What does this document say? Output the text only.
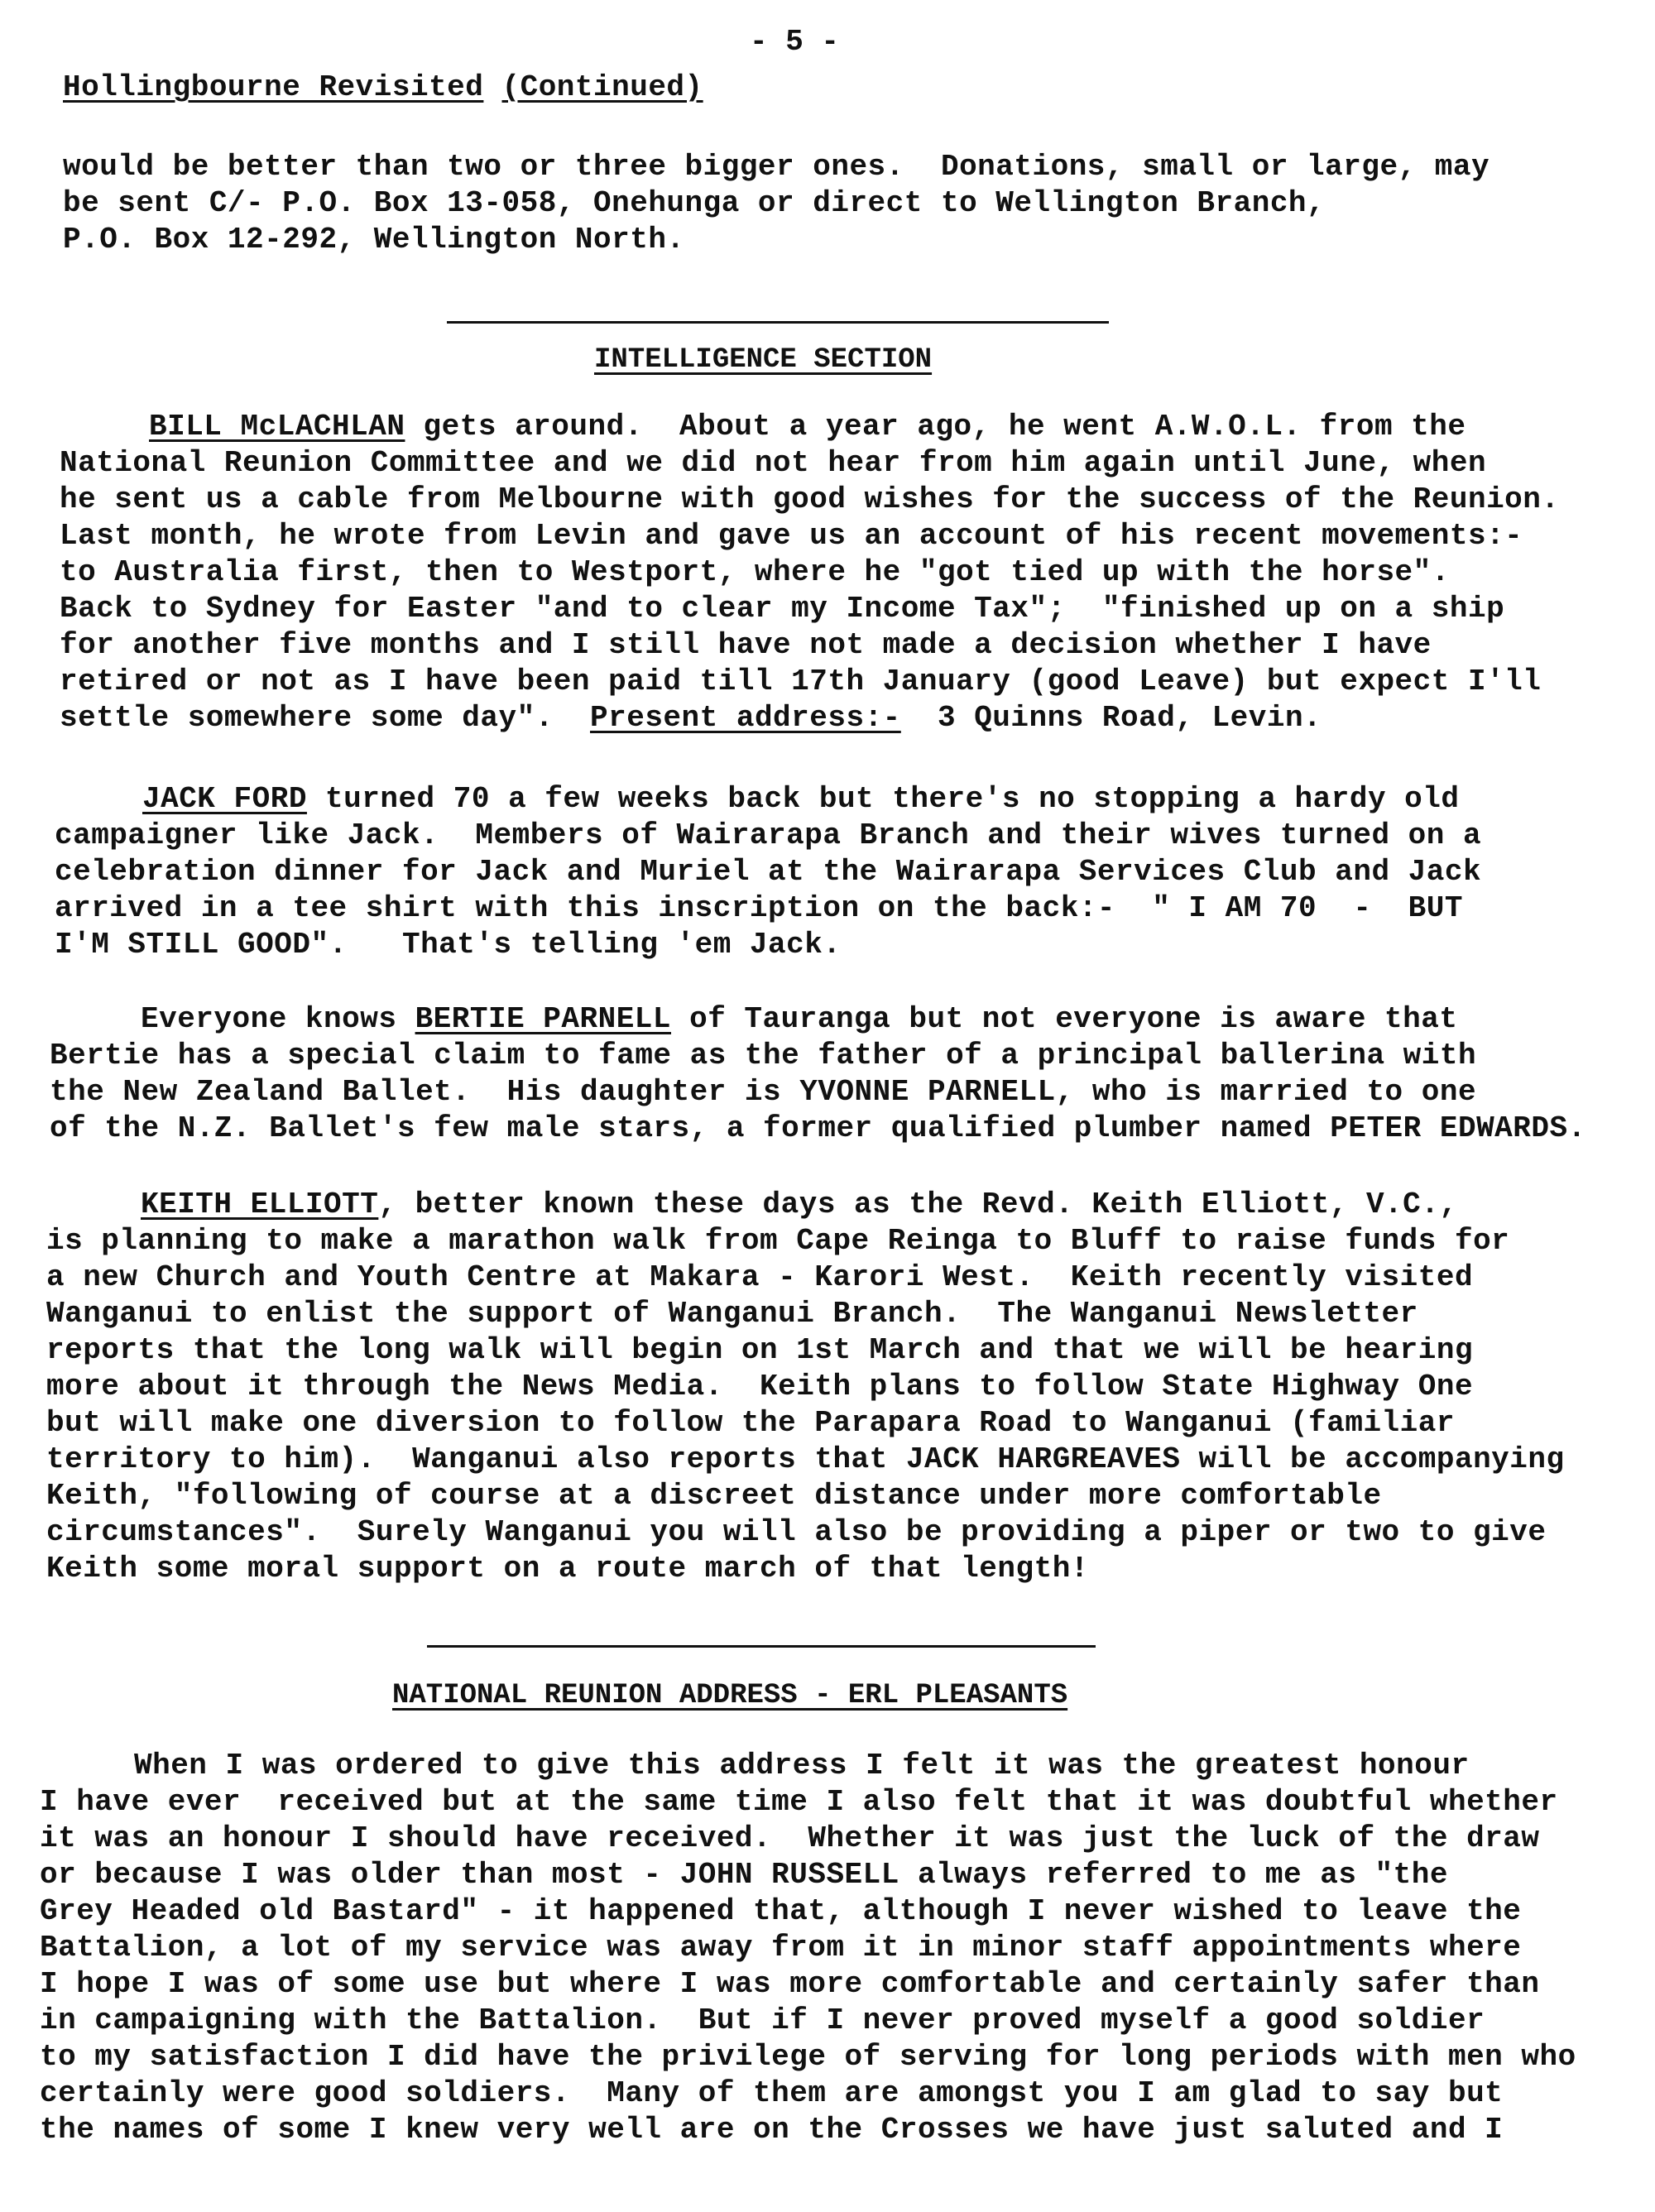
- 5 -
Hollingbourne Revisited (Continued)
would be better than two or three bigger ones.  Donations, small or large, may
be sent C/- P.O. Box 13-058, Onehunga or direct to Wellington Branch,
P.O. Box 12-292, Wellington North.
INTELLIGENCE SECTION
BILL McLACHLAN gets around.  About a year ago, he went A.W.O.L. from the
National Reunion Committee and we did not hear from him again until June, when
he sent us a cable from Melbourne with good wishes for the success of the Reunion.
Last month, he wrote from Levin and gave us an account of his recent movements:-
to Australia first, then to Westport, where he "got tied up with the horse".
Back to Sydney for Easter "and to clear my Income Tax";  "finished up on a ship
for another five months and I still have not made a decision whether I have
retired or not as I have been paid till 17th January (good Leave) but expect I'll
settle somewhere some day".  Present address:-  3 Quinns Road, Levin.
JACK FORD turned 70 a few weeks back but there's no stopping a hardy old
campaigner like Jack.  Members of Wairarapa Branch and their wives turned on a
celebration dinner for Jack and Muriel at the Wairarapa Services Club and Jack
arrived in a tee shirt with this inscription on the back:-  " I AM 70  -  BUT
I'M STILL GOOD".   That's telling 'em Jack.
Everyone knows BERTIE PARNELL of Tauranga but not everyone is aware that
Bertie has a special claim to fame as the father of a principal ballerina with
the New Zealand Ballet.  His daughter is YVONNE PARNELL, who is married to one
of the N.Z. Ballet's few male stars, a former qualified plumber named PETER EDWARDS.
KEITH ELLIOTT, better known these days as the Revd. Keith Elliott, V.C.,
is planning to make a marathon walk from Cape Reinga to Bluff to raise funds for
a new Church and Youth Centre at Makara - Karori West.  Keith recently visited
Wanganui to enlist the support of Wanganui Branch.  The Wanganui Newsletter
reports that the long walk will begin on 1st March and that we will be hearing
more about it through the News Media.  Keith plans to follow State Highway One
but will make one diversion to follow the Parapara Road to Wanganui (familiar
territory to him).  Wanganui also reports that JACK HARGREAVES will be accompanying
Keith, "following of course at a discreet distance under more comfortable
circumstances".  Surely Wanganui you will also be providing a piper or two to give
Keith some moral support on a route march of that length!
NATIONAL REUNION ADDRESS - ERL PLEASANTS
When I was ordered to give this address I felt it was the greatest honour
I have ever  received but at the same time I also felt that it was doubtful whether
it was an honour I should have received.  Whether it was just the luck of the draw
or because I was older than most - JOHN RUSSELL always referred to me as "the
Grey Headed old Bastard" - it happened that, although I never wished to leave the
Battalion, a lot of my service was away from it in minor staff appointments where
I hope I was of some use but where I was more comfortable and certainly safer than
in campaigning with the Battalion.  But if I never proved myself a good soldier
to my satisfaction I did have the privilege of serving for long periods with men who
certainly were good soldiers.  Many of them are amongst you I am glad to say but
the names of some I knew very well are on the Crosses we have just saluted and I
